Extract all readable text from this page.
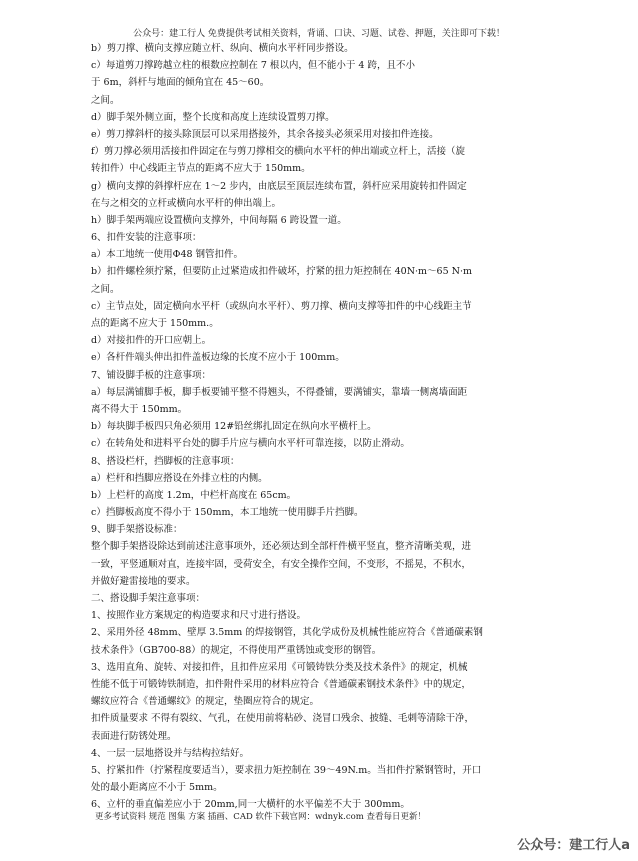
公众号：建工行人 免费提供考试相关资料，背诵、口诀、习题、试卷、押题，关注即可下载！
b）剪刀撑、横向支撑应随立杆、纵向、横向水平杆同步搭设。
c）每道剪刀撑跨越立柱的根数应控制在 7 根以内，但不能小于 4 跨，且不小
于 6m，斜杆与地面的倾角宜在 45～60。
之间。
d）脚手架外侧立面，整个长度和高度上连续设置剪刀撑。
e）剪刀撑斜杆的接头除顶层可以采用搭接外，其余各接头必须采用对接扣件连接。
f）剪刀撑必须用活接扣件固定在与剪刀撑相交的横向水平杆的伸出端或立杆上，活接（旋
转扣件）中心线距主节点的距离不应大于 150mm。
g）横向支撑的斜撑杆应在 1～2 步内，由底层至顶层连续布置，斜杆应采用旋转扣件固定
在与之相交的立杆或横向水平杆的伸出端上。
h）脚手架两端应设置横向支撑外，中间每隔 6 跨设置一道。
6、扣件安装的注意事项：
a）本工地统一使用Φ48 钢管扣件。
b）扣件螺栓须拧紧，但要防止过紧造成扣件破坏，拧紧的扭力矩控制在 40N·m～65 N·m
之间。
c）主节点处，固定横向水平杆（或纵向水平杆）、剪刀撑、横向支撑等扣件的中心线距主节
点的距离不应大于 150mm.。
d）对接扣件的开口应朝上。
e）各杆件端头伸出扣件盖板边缘的长度不应小于 100mm。
7、铺设脚手板的注意事项：
a）每层满铺脚手板，脚手板要铺平整不得翘头，不得叠铺，要满铺实，靠墙一侧离墙面距
离不得大于 150mm。
b）每块脚手板四只角必须用 12#铅丝绑扎固定在纵向水平横杆上。
c）在转角处和进料平台处的脚手片应与横向水平杆可靠连接，以防止滑动。
8、搭设栏杆，挡脚板的注意事项：
a）栏杆和挡脚应搭设在外排立柱的内侧。
b）上栏杆的高度 1.2m，中栏杆高度在 65cm。
c）挡脚板高度不得小于 150mm，本工地统一使用脚手片挡脚。
9、脚手架搭设标准：
整个脚手架搭设除达到前述注意事项外，还必须达到全部杆件横平竖直，整齐清晰美观，进
一致，平竖通顺对直，连接牢固，受荷安全，有安全操作空间，不变形，不摇晃，不积水，
并做好避雷接地的要求。
二、搭设脚手架注意事项：
1、按照作业方案规定的构造要求和尺寸进行搭设。
2、采用外径 48mm、壁厚 3.5mm 的焊接钢管，其化学成份及机械性能应符合《普通碳素钢
技术条件》（GB700-88）的规定，不得使用严重锈蚀或变形的钢管。
3、选用直角、旋转、对接扣件，且扣件应采用《可锻铸铁分类及技术条件》的规定，机械
性能不低于可锻铸铁制造，扣件附件采用的材料应符合《普通碳素钢技术条件》中的规定，
螺纹应符合《普通螺纹》的规定，垫圈应符合的规定。
扣件质量要求 不得有裂纹、气孔，在使用前将粘砂、浇冒口残余、披缝、毛刺等清除干净，
表面进行防锈处理。
4、一层一层地搭设并与结构拉结好。
5、拧紧扣件（拧紧程度要适当），要求扭力矩控制在 39～49N.m。当扣件拧紧钢管时，开口
处的最小距离应不小于 5mm。
6、立杆的垂直偏差应小于 20mm,同一大横杆的水平偏差不大于 300mm。
更多考试资料 规范 图集 方案 插画、CAD 软件下载官网：wdnyk.com 查看每日更新！
公众号：建工行人a
